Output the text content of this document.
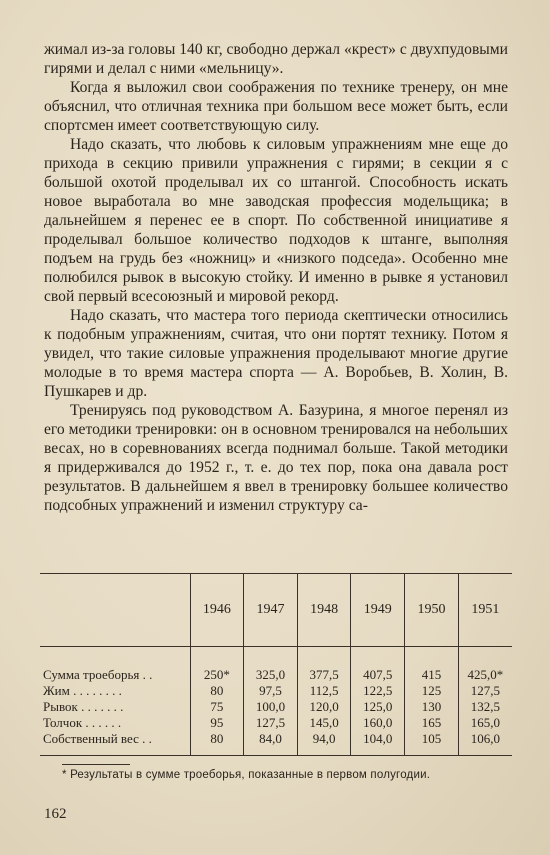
жимал из-за головы 140 кг, свободно держал «крест» с двухпудовыми гирями и делал с ними «мельницу».

Когда я выложил свои соображения по технике тренеру, он мне объяснил, что отличная техника при большом весе может быть, если спортсмен имеет соответствующую силу.

Надо сказать, что любовь к силовым упражнениям мне еще до прихода в секцию привили упражнения с гирями; в секции я с большой охотой проделывал их со штангой. Способность искать новое выработала во мне заводская профессия модельщика; в дальнейшем я перенес ее в спорт. По собственной инициативе я проделывал большое количество подходов к штанге, выполняя подъем на грудь без «ножниц» и «низкого подседа». Особенно мне полюбился рывок в высокую стойку. И именно в рывке я установил свой первый всесоюзный и мировой рекорд.

Надо сказать, что мастера того периода скептически относились к подобным упражнениям, считая, что они портят технику. Потом я увидел, что такие силовые упражнения проделывают многие другие молодые в то время мастера спорта — А. Воробьев, В. Холин, В. Пушкарев и др.

Тренируясь под руководством А. Базурина, я многое перенял из его методики тренировки: он в основном тренировался на небольших весах, но в соревнованиях всегда поднимал больше. Такой методики я придерживался до 1952 г., т. е. до тех пор, пока она давала рост результатов. В дальнейшем я ввел в тренировку большее количество подсобных упражнений и изменил структуру са-

	1946	1947	1948	1949	1950	1951
Сумма троеборья . .	250*	325,0	377,5	407,5	415	425,0*
Жим . . . . . . . .	80	97,5	112,5	122,5	125	127,5
Рывок . . . . . . .	75	100,0	120,0	125,0	130	132,5
Толчок . . . . . .	95	127,5	145,0	160,0	165	165,0
Собственный вес . .	80	84,0	94,0	104,0	105	106,0
* Результаты в сумме троеборья, показанные в первом полугодии.
162
